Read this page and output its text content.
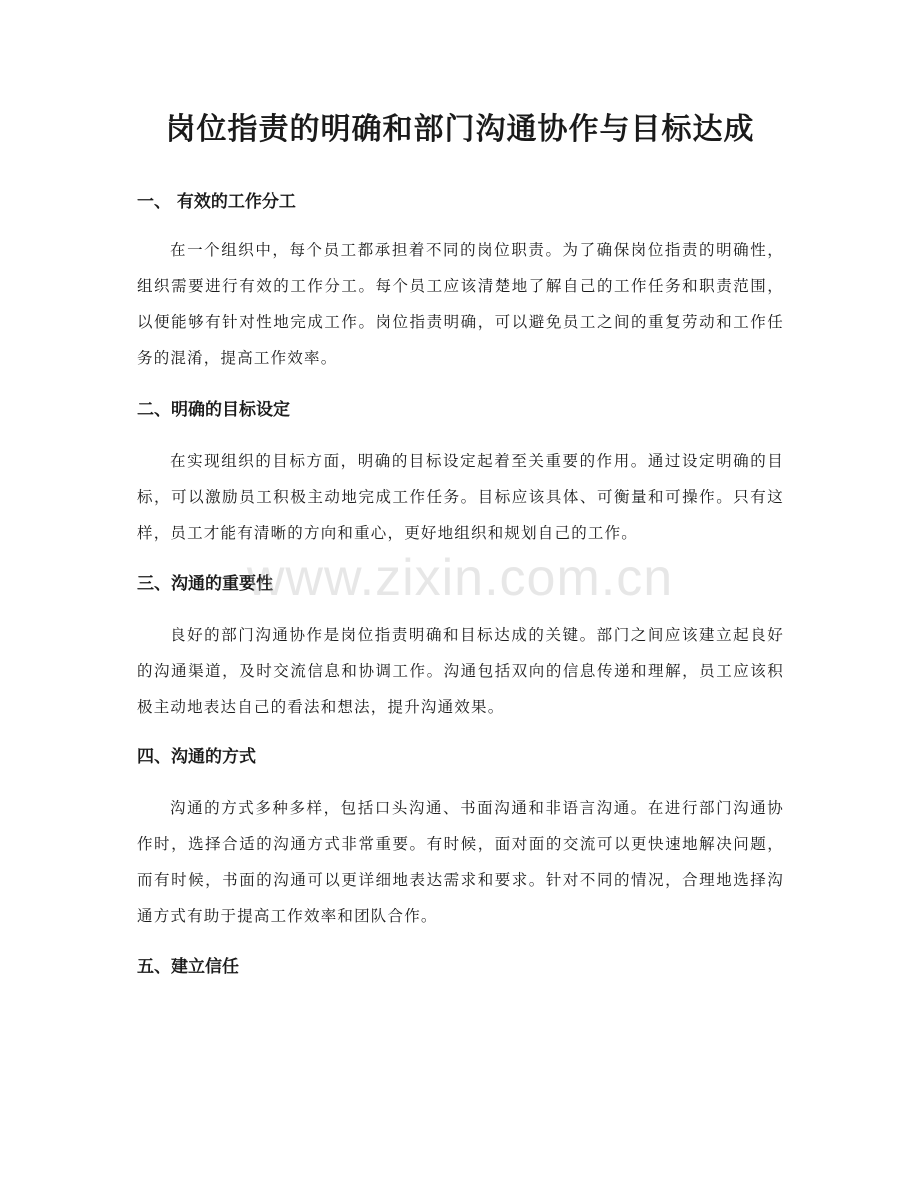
岗位指责的明确和部门沟通协作与目标达成
一、 有效的工作分工

在一个组织中，每个员工都承担着不同的岗位职责。为了确保岗位指责的明确性，组织需要进行有效的工作分工。每个员工应该清楚地了解自己的工作任务和职责范围，以便能够有针对性地完成工作。岗位指责明确，可以避免员工之间的重复劳动和工作任务的混淆，提高工作效率。

二、明确的目标设定

在实现组织的目标方面，明确的目标设定起着至关重要的作用。通过设定明确的目标，可以激励员工积极主动地完成工作任务。目标应该具体、可衡量和可操作。只有这样，员工才能有清晰的方向和重心，更好地组织和规划自己的工作。

三、沟通的重要性

良好的部门沟通协作是岗位指责明确和目标达成的关键。部门之间应该建立起良好的沟通渠道，及时交流信息和协调工作。沟通包括双向的信息传递和理解，员工应该积极主动地表达自己的看法和想法，提升沟通效果。

四、沟通的方式

沟通的方式多种多样，包括口头沟通、书面沟通和非语言沟通。在进行部门沟通协作时，选择合适的沟通方式非常重要。有时候，面对面的交流可以更快速地解决问题，而有时候，书面的沟通可以更详细地表达需求和要求。针对不同的情况，合理地选择沟通方式有助于提高工作效率和团队合作。

五、建立信任
www.zixin.com.cn
